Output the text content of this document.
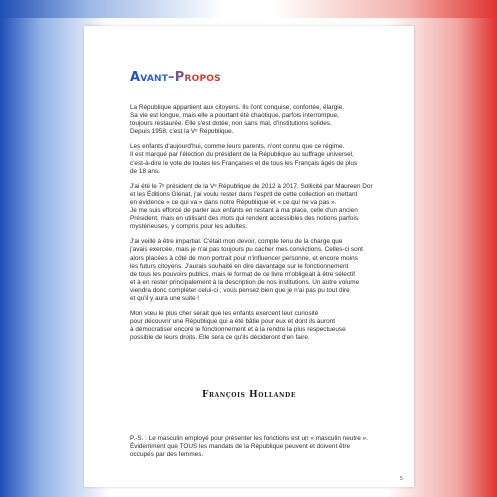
Avant–Propos

La République appartient aux citoyens. Ils l'ont conquise, confortée, élargie.
Sa vie est longue, mais elle a pourtant été chaotique, parfois interrompue,
toujours restaurée. Elle s'est dotée, non sans mal, d'institutions solides.
Depuis 1958, c'est la Vᵉ République.

Les enfants d'aujourd'hui, comme leurs parents, n'ont connu que ce régime.
Il est marqué par l'élection du président de la République au suffrage universel,
c'est-à-dire le vote de toutes les Françaises et de tous les Français âgés de plus
de 18 ans.

J'ai été le 7ᵉ président de la Vᵉ République de 2012 à 2017. Sollicité par Maureen Dor
et les Éditions Glénat, j'ai voulu rester dans l'esprit de cette collection en mettant
en évidence « ce qui va » dans notre République et « ce qui ne va pas ».
Je me suis efforcé de parler aux enfants en restant à ma place, celle d'un ancien
Président, mais en utilisant des mots qui rendent accessibles des notions parfois
mystérieuses, y compris pour les adultes.

J'ai veillé à être impartial. C'était mon devoir, compte tenu de la charge que
j'avais exercée, mais je n'ai pas toujours pu cacher mes convictions. Celles-ci sont
alors placées à côté de mon portrait pour n'influencer personne, et encore moins
les futurs citoyens. J'aurais souhaité en dire davantage sur le fonctionnement
de tous les pouvoirs publics, mais le format de ce livre m'obligeait à être sélectif
et à en rester principalement à la description de nos institutions. Un autre volume
viendra donc compléter celui-ci ; vous pensez bien que je n'ai pas pu tout dire
et qu'il y aura une suite !

Mon vœu le plus cher serait que les enfants exercent leur curiosité
pour découvrir une République qui a été bâtie pour eux et dont ils auront
à démocratiser encore le fonctionnement et à la rendre la plus respectueuse
possible de leurs droits. Elle sera ce qu'ils décideront d'en faire.

François Hollande
P.-S. : Le masculin employé pour présenter les fonctions est un « masculin neutre ».
Évidemment que TOUS les mandats de la République peuvent et doivent être
occupés par des femmes.
5
